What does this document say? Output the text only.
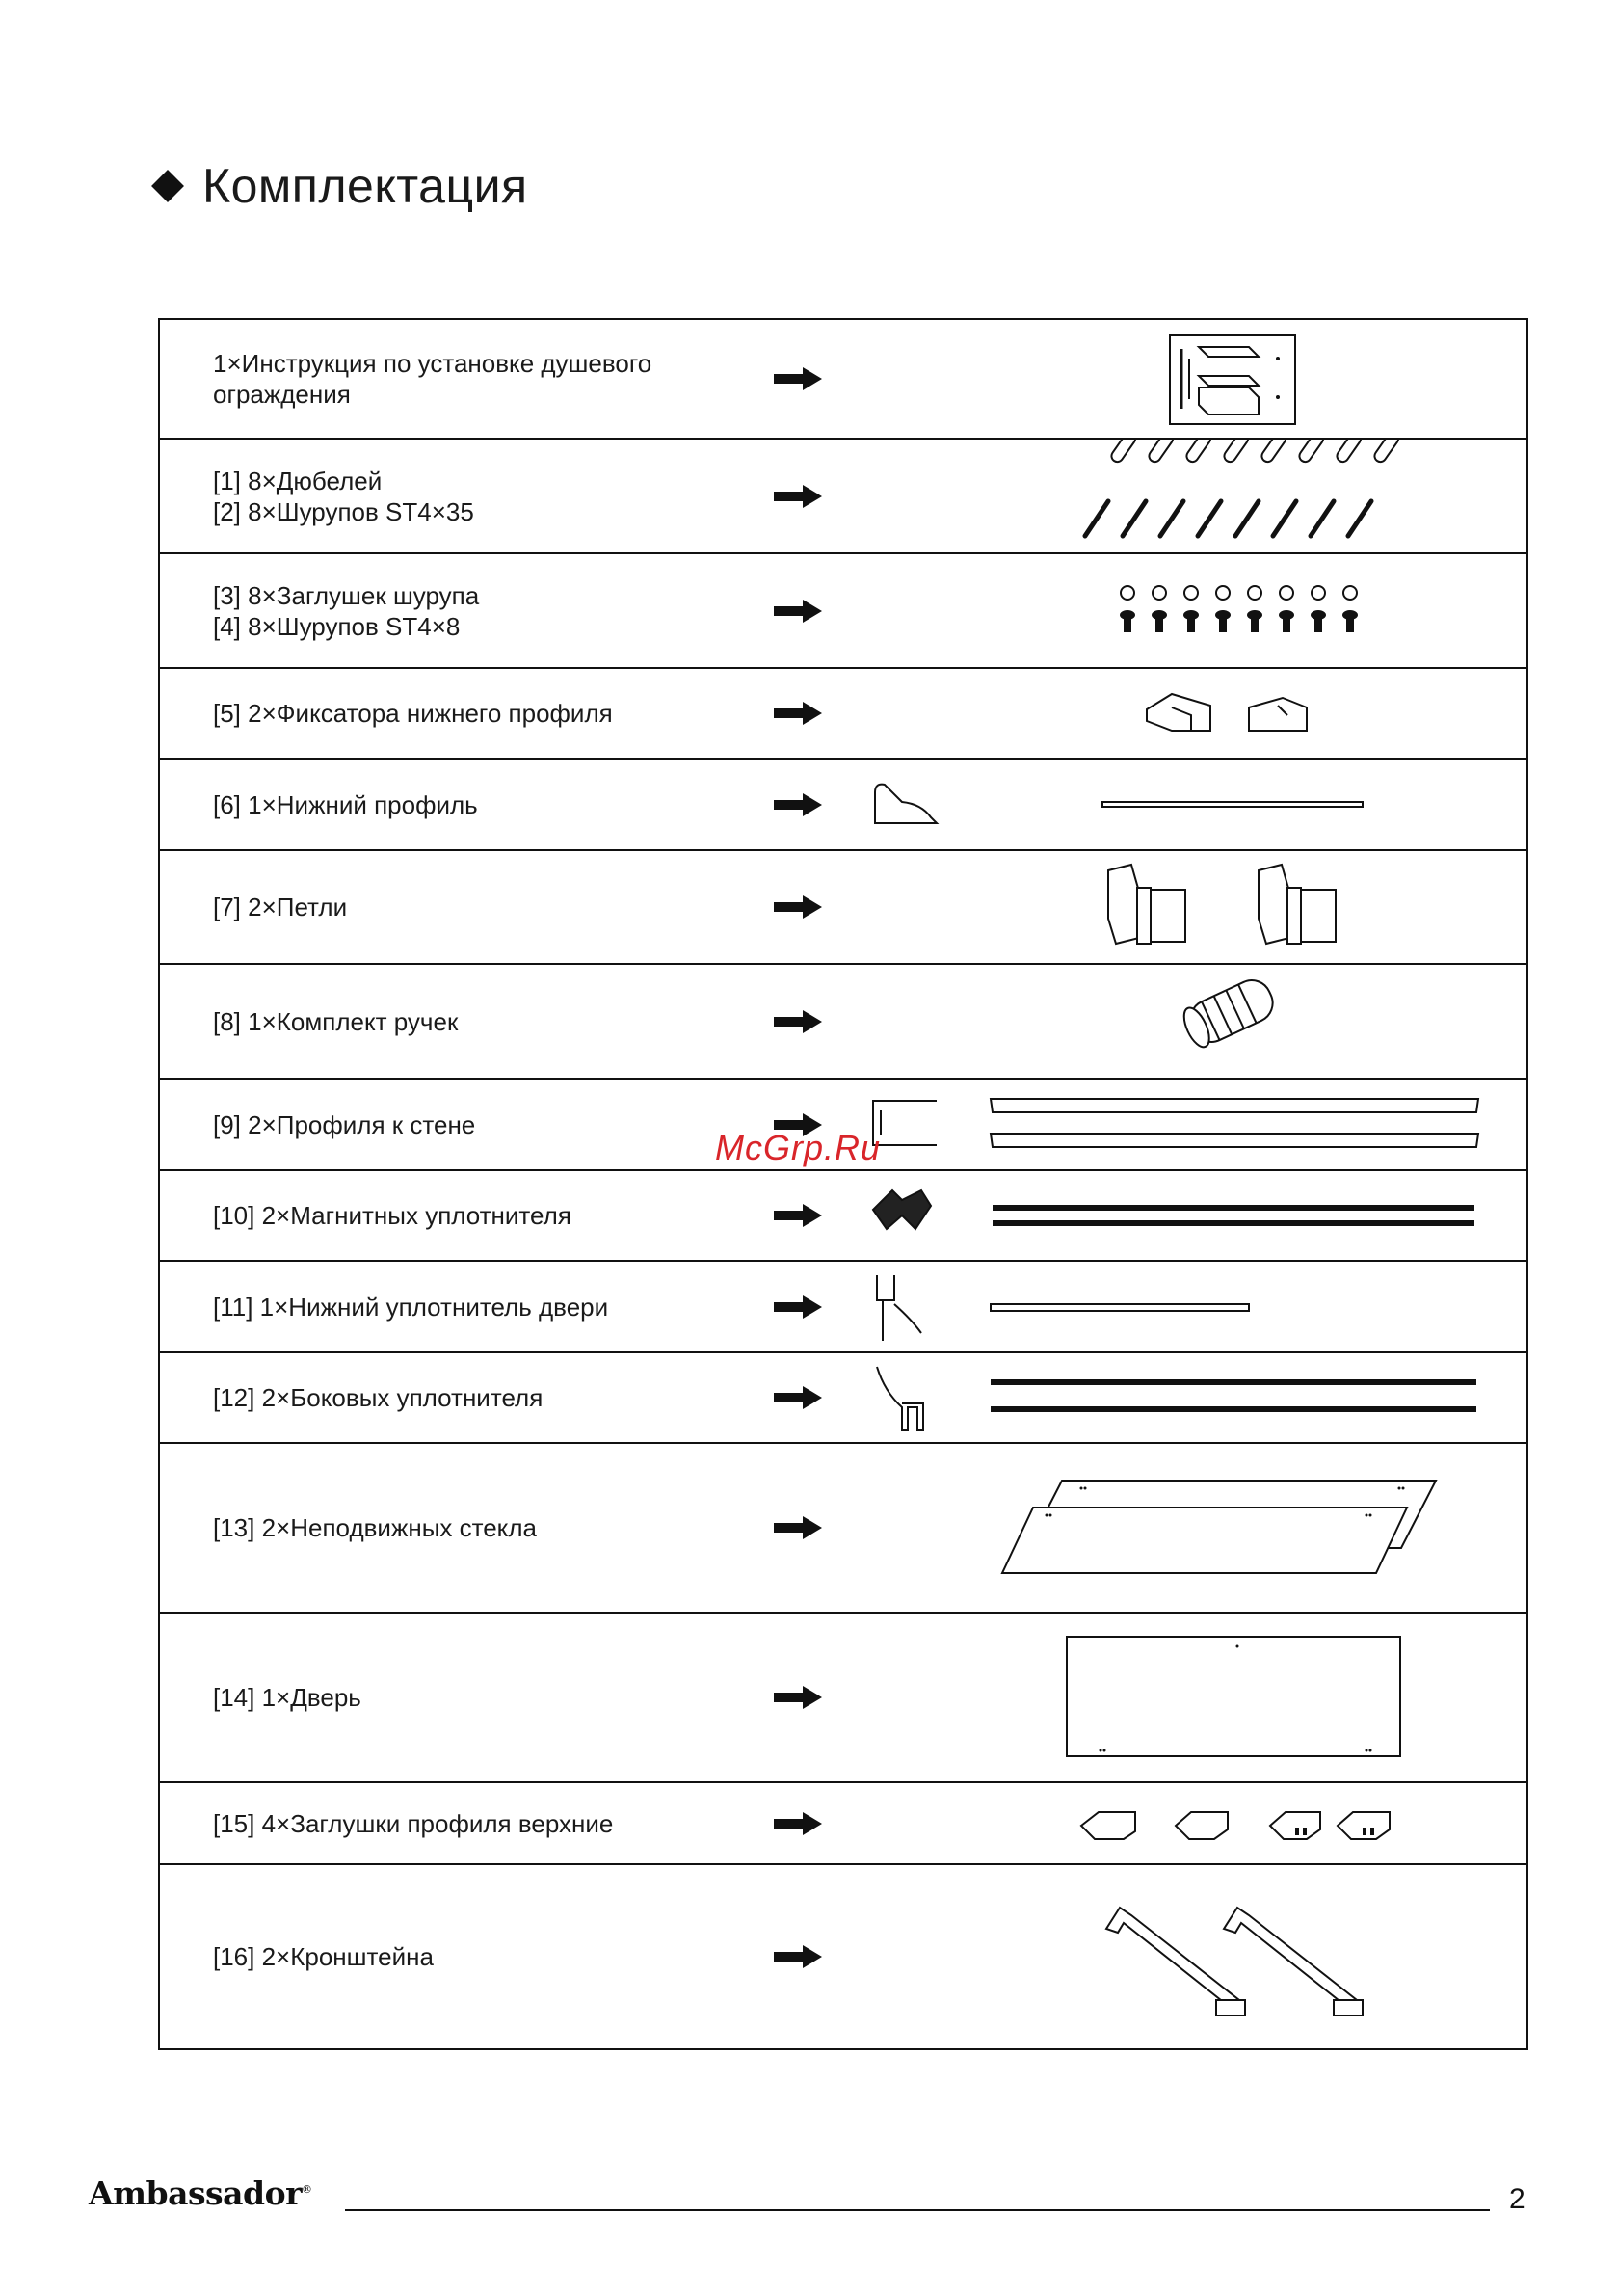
Комплектация
1×Инструкция по установке душевого ограждения
[1] 8×Дюбелей
[2] 8×Шурупов ST4×35
[3] 8×Заглушек шурупа
[4] 8×Шурупов ST4×8
[5] 2×Фиксатора нижнего профиля
[6] 1×Нижний профиль
[7] 2×Петли
[8] 1×Комплект ручек
[9] 2×Профиля к стене
[10] 2×Магнитных уплотнителя
[11] 1×Нижний уплотнитель двери
[12] 2×Боковых уплотнителя
[13] 2×Неподвижных стекла
[14] 1×Дверь
[15] 4×Заглушки профиля верхние
[16] 2×Кронштейна
McGrp.Ru
Ambassador®	2
